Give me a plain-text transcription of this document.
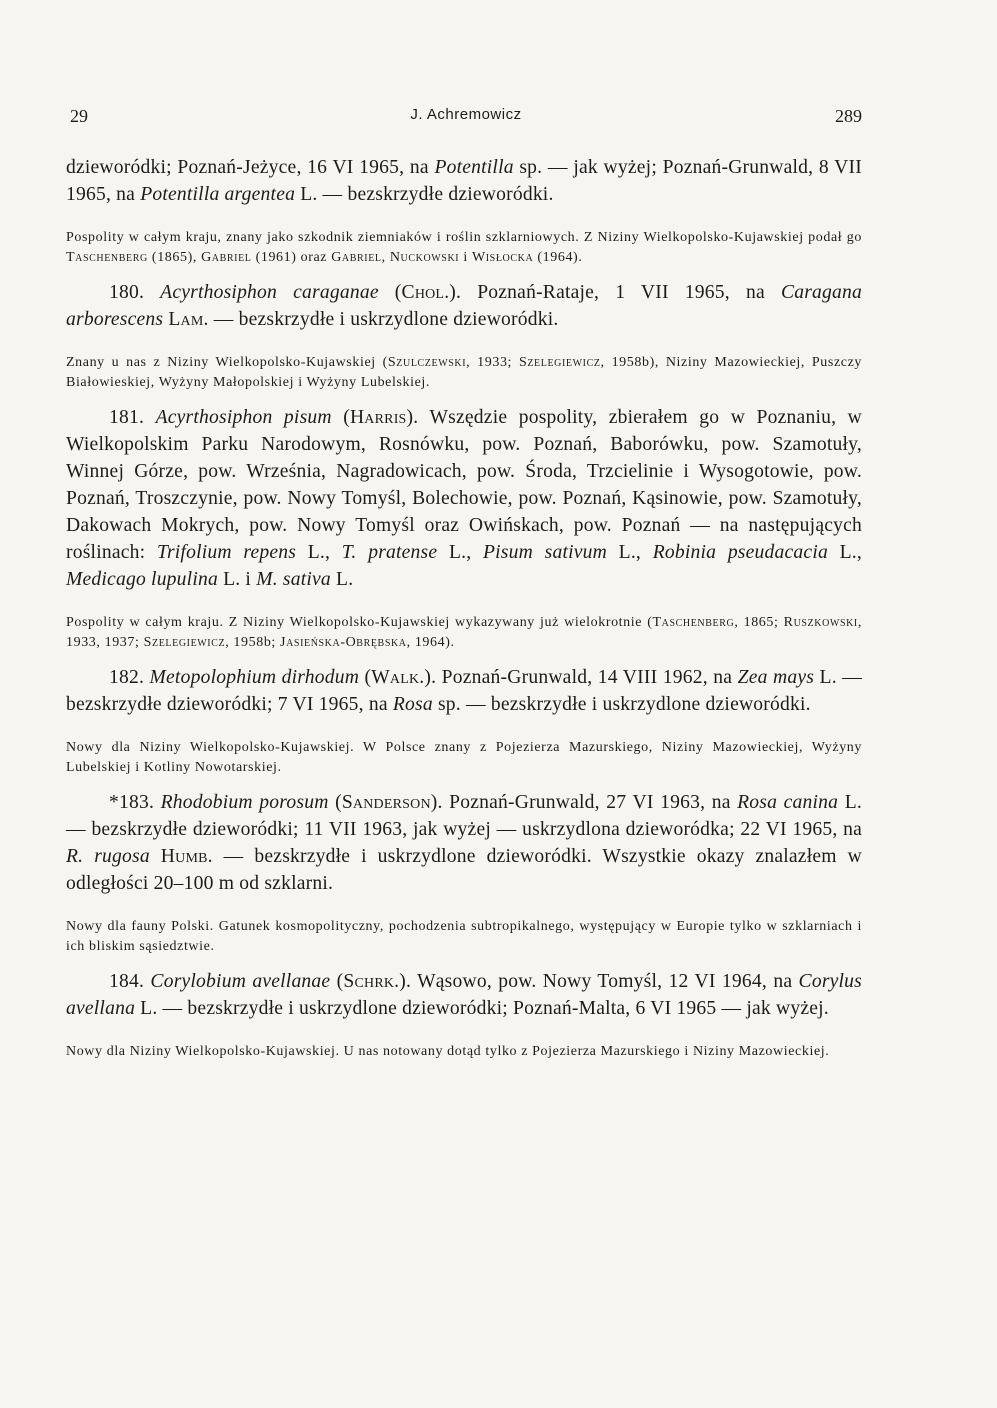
29	J. Achremowicz	289

dzieworódki; Poznań-Jeżyce, 16 VI 1965, na Potentilla sp. — jak wyżej; Poznań-Grunwald, 8 VII 1965, na Potentilla argentea L. — bezskrzydłe dzieworódki.

Pospolity w całym kraju, znany jako szkodnik ziemniaków i roślin szklarniowych. Z Niziny Wielkopolsko-Kujawskiej podał go Taschenberg (1865), Gabriel (1961) oraz Gabriel, Nuckowski i Wisłocka (1964).

180. Acyrthosiphon caraganae (Chol.). Poznań-Rataje, 1 VII 1965, na Caragana arborescens Lam. — bezskrzydłe i uskrzydlone dzieworódki.

Znany u nas z Niziny Wielkopolsko-Kujawskiej (Szulczewski, 1933; Szelegiewicz, 1958b), Niziny Mazowieckiej, Puszczy Białowieskiej, Wyżyny Małopolskiej i Wyżyny Lubelskiej.

181. Acyrthosiphon pisum (Harris). Wszędzie pospolity, zbierałem go w Poznaniu, w Wielkopolskim Parku Narodowym, Rosnówku, pow. Poznań, Baborówku, pow. Szamotuły, Winnej Górze, pow. Września, Nagradowicach, pow. Środa, Trzcielinie i Wysogotowie, pow. Poznań, Troszczynie, pow. Nowy Tomyśl, Bolechowie, pow. Poznań, Kąsinowie, pow. Szamotuły, Dakowach Mokrych, pow. Nowy Tomyśl oraz Owińskach, pow. Poznań — na następujących roślinach: Trifolium repens L., T. pratense L., Pisum sativum L., Robinia pseudacacia L., Medicago lupulina L. i M. sativa L.

Pospolity w całym kraju. Z Niziny Wielkopolsko-Kujawskiej wykazywany już wielokrotnie (Taschenberg, 1865; Ruszkowski, 1933, 1937; Szelegiewicz, 1958b; Jasieńska-Obrębska, 1964).

182. Metopolophium dirhodum (Walk.). Poznań-Grunwald, 14 VIII 1962, na Zea mays L. — bezskrzydłe dzieworódki; 7 VI 1965, na Rosa sp. — bezskrzydłe i uskrzydlone dzieworódki.

Nowy dla Niziny Wielkopolsko-Kujawskiej. W Polsce znany z Pojezierza Mazurskiego, Niziny Mazowieckiej, Wyżyny Lubelskiej i Kotliny Nowotarskiej.

*183. Rhodobium porosum (Sanderson). Poznań-Grunwald, 27 VI 1963, na Rosa canina L. — bezskrzydłe dzieworódki; 11 VII 1963, jak wyżej — uskrzydlona dzieworódka; 22 VI 1965, na R. rugosa Humb. — bezskrzydłe i uskrzydlone dzieworódki. Wszystkie okazy znalazłem w odległości 20–100 m od szklarni.

Nowy dla fauny Polski. Gatunek kosmopolityczny, pochodzenia subtropikalnego, występujący w Europie tylko w szklarniach i ich bliskim sąsiedztwie.

184. Corylobium avellanae (Schrk.). Wąsowo, pow. Nowy Tomyśl, 12 VI 1964, na Corylus avellana L. — bezskrzydłe i uskrzydlone dzieworódki; Poznań-Malta, 6 VI 1965 — jak wyżej.

Nowy dla Niziny Wielkopolsko-Kujawskiej. U nas notowany dotąd tylko z Pojezierza Mazurskiego i Niziny Mazowieckiej.
